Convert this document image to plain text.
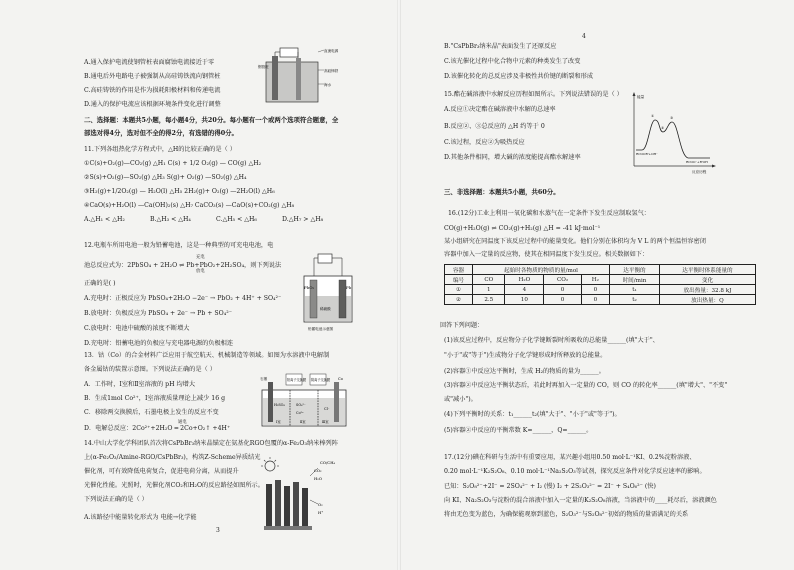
A.通入保护电流使钢管桩表面腐蚀电流接近于零
B.通电后外电路电子被强制从高硅铸铁流向钢管桩
C.高硅铸铁的作用是作为损耗阳极材料和传递电流
D.通入的保护电流应该根据环境条件变化进行调整
直流电源
钢管桩
高硅铸铁
海水
二、选择题：本题共5小题，每小题4分，共20分。每小题有一个或两个选项符合题意，全
部选对得4分，选对但不全的得2分，有选错的得0分。
11.下列各组热化学方程式中，△H的比较正确的是（ ）
①C(s)+O₂(g)—CO₂(g) △H₁ C(s) + 1/2 O₂(g) — CO(g) △H₂
②S(s)+O₂(g)—SO₂(g) △H₃ S(g)+ O₂(g) —SO₂(g) △H₄
③H₂(g)+1/2O₂(g) — H₂O(l) △H₅ 2H₂(g)+ O₂(g) —2H₂O(l) △H₆
④CaO(s)+H₂O(l) —Ca(OH)₂(s) △H₇ CaCO₃(s) —CaO(s)+CO₂(g) △H₈
A.△H₁ < △H₂	B.△H₃ < △H₄	C.△H₅ < △H₆	D.△H₇ > △H₈
12.电瓶车所用电池一般为铅蓄电池，这是一种典型的可充电电池，电
池总反应式为：2PbSO₄ + 2H₂O ⇌ Pb+PbO₂+2H₂SO₄，则下列说法
充电
放电
正确的是( )
A.充电时：正极反应为 PbSO₄+2H₂O −2e⁻ → PbO₂ + 4H⁺ + SO₄²⁻
B.放电时：负极反应为 PbSO₄ + 2e⁻ → Pb + SO₄²⁻
C.放电时：电池中硫酸的浓度不断增大
D.充电时：铅蓄电池的负极应与充电器电源的负极相连
PbO₂	Pb
稀硫酸
铅蓄电池示意图
13．钴（Co）的合金材料广泛应用于航空航天、机械制造等领域。如图为水溶液中电解制
备金属钴的装置示意图。下列说法正确的是（ ）
A．工作时，Ⅰ室和Ⅱ室溶液的 pH 均增大
B．生成1mol Co²⁺，Ⅰ室溶液质量理论上减少 16 g
C．移除两交换膜后，石墨电极上发生的反应不变
D．电解总反应：2Co²⁺+2H₂O ═ 2Co+O₂↑ +4H⁺
通电
阳离子交换膜 阴离子交换膜
石墨	Co
H₂SO₄	SO₄²⁻
Co²⁺
Cl⁻
Ⅰ室	Ⅱ室	Ⅲ室
14.中山大学化学科团队首次将CsPbBr₃纳米晶锚定在氨基化RGO包覆的α-Fe₂O₃纳米棒列阵
上(α-Fe₂O₃/Amine-RGO/CsPbBr₃)，构筑Z-Scheme异质结光
催化剂，可有效降低电荷复合，促进电荷分离，从而提升
光催化性能。光照时，光催化剂CO₂和H₂O的反应路径如图所示。
下列说法正确的是（ ）
A.该路径中能量转化形式为 电能→化学能
CO₂
H₂O
CO/CH₄
O₂
H⁺
3
B."CsPbBr₃纳米晶"表面发生了还原反应
C.该光催化过程中化合物中元素的种类发生了改变
D.该催化转化的总反应涉及非极性共价键的断裂和形成
15.酯在碱溶液中水解反应历程如图所示。下列说法错误的是（ ）
A.反应①决定酯在碱溶液中水解的总速率
B.反应②、③总反应的 △H 约等于 0
C.该过程，反应②为吸热反应
D.其他条件相同，增大碱的浓度能提高酯水解速率
能量
反应历程
RCOOR'+OH⁻
RCOO⁻+R'OH
①
②
③
三、非选择题：本题共5小题，共60分。
16.(12分)工业上利用一氧化碳和水蒸气在一定条件下发生反应制取氢气：
CO(g)+H₂O(g) ⇌ CO₂(g)+H₂(g) △H = -41 kJ·mol⁻¹
某小组研究在同温度下该反应过程中的能量变化。他们分别在体积均为 V L 的两个恒温恒容密闭
容器中加入一定量的反应物，使其在相同温度下发生反应。相关数据如下：
容器	起始时各物质的物质的量/mol				达平衡的	达平衡时体系能量的
编号	CO	H₂O	CO₂	H₂	时间/min	变化
①	1	4	0	0	t₁	放出热量：32.8 kJ
②	2.5	10	0	0	t₂	放出热量：Q
回答下列问题：
(1)该反应过程中，反应物分子化学键断裂时所吸收的总能量______(填"大于"、
"小于"或"等于")生成物分子化学键形成时所释放的总能量。
(2)容器①中反应达平衡时，生成 H₂的物质的量为______。
(3)容器②中反应达平衡状态后，若此时再加入一定量的 CO，则 CO 的转化率______(填"增大"、"不变"
或"减小")。
(4)下列平衡时的关系：t₁______t₂(填"大于"、"小于"或"等于")。
(5)容器②中反应的平衡常数 K=______，Q=______。
17.(12分)碘在科研与生活中有重要应用，某兴趣小组用0.50 mol·L⁻¹KI、0.2%淀粉溶液、
0.20 mol·L⁻¹K₂S₂O₈、0.10 mol·L⁻¹Na₂S₂O₃等试剂，探究反应条件对化学反应速率的影响。
已知：S₂O₈²⁻+2I⁻ = 2SO₄²⁻ + I₂ (慢) I₂ + 2S₂O₃²⁻ = 2I⁻ + S₄O₆²⁻ (快)
向 KI、Na₂S₂O₃与淀粉的混合溶液中加入一定量的K₂S₂O₈溶液，当溶液中的____耗尽后，溶液颜色
将由无色变为蓝色，为确保能观察到蓝色，S₂O₃²⁻与S₂O₈²⁻初始的物质的量需满足的关系
4
